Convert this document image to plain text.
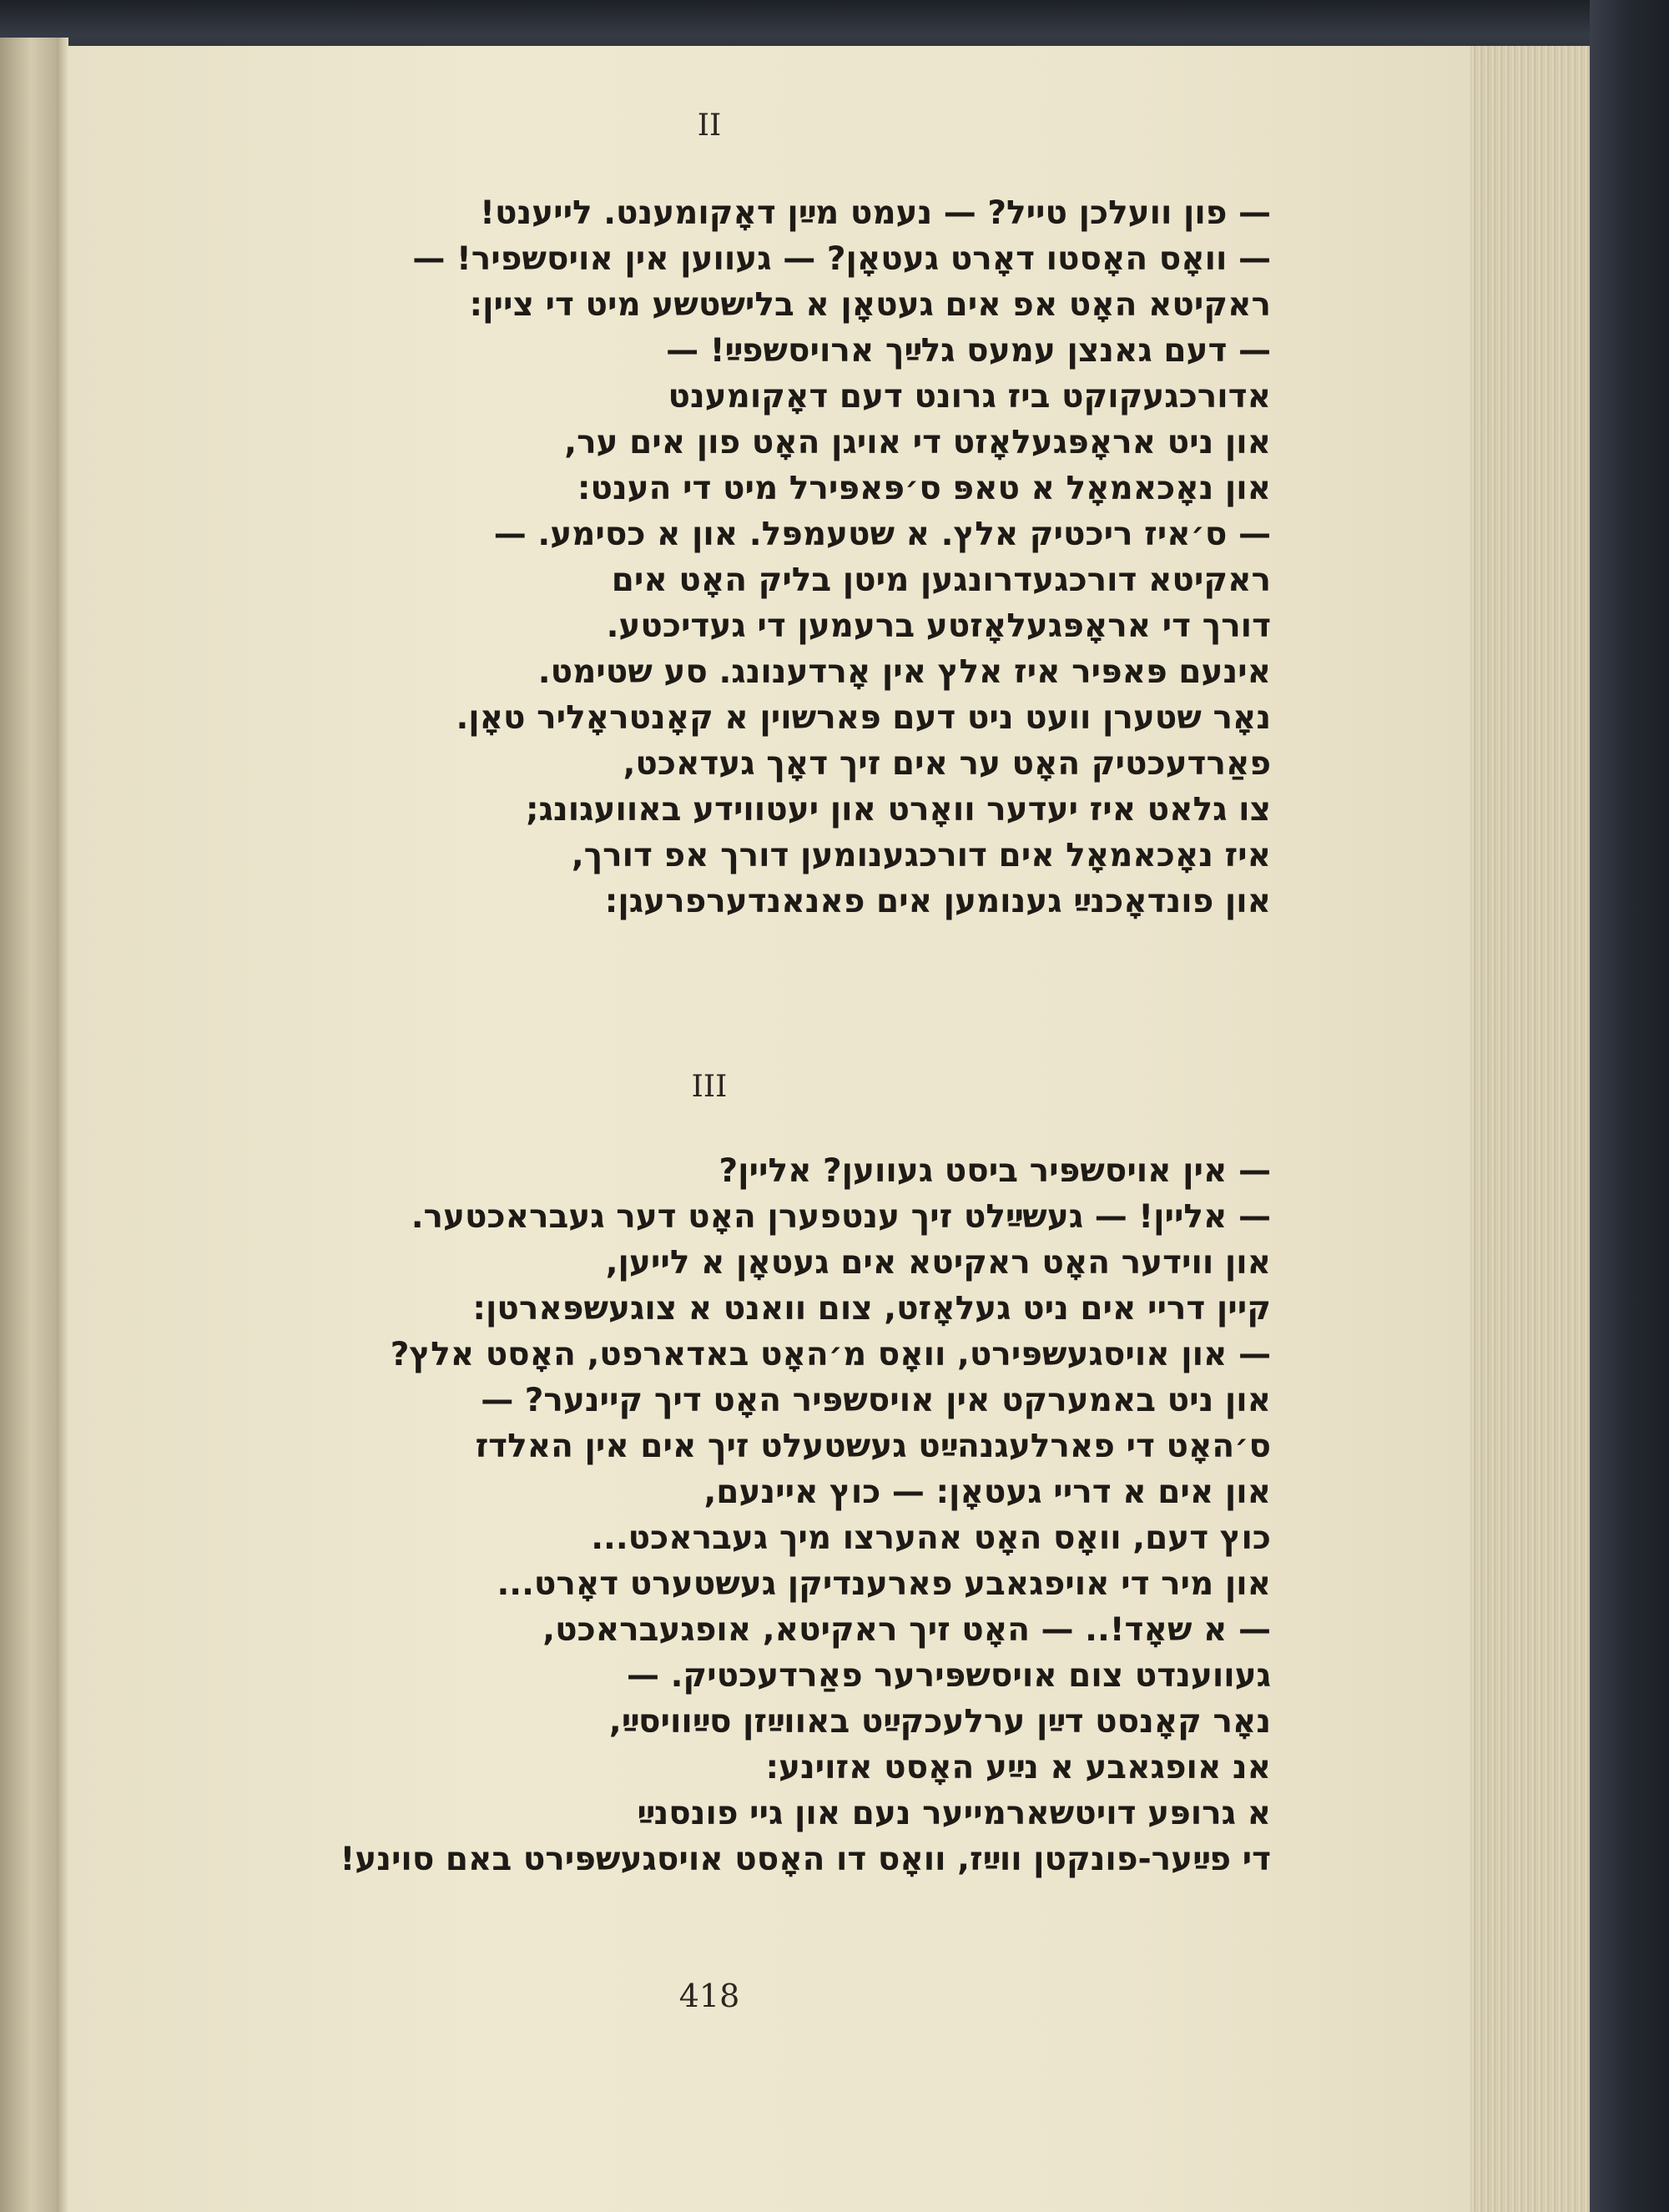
II
— פון וועלכן טייל? — נעמט מײַן דאָקומענט. לייענט!
— וואָס האָסטו דאָרט געטאָן? — געווען אין אויסשפיר! —
ראקיטא האָט אפ אים געטאָן א בלישטשע מיט די ציין:
— דעם גאנצן עמעס גלײַך ארויסשפײַ! —
אדורכגעקוקט ביז גרונט דעם דאָקומענט
און ניט אראָפּגעלאָזט די אויגן האָט פון אים ער,
און נאָכאמאָל א טאפּ ס׳פּאפּירל מיט די הענט:
— ס׳איז ריכטיק אלץ. א שטעמפּל. און א כסימע. —
ראקיטא דורכגעדרונגען מיטן בליק האָט אים
דורך די אראָפּגעלאָזטע ברעמען די געדיכטע.
אינעם פּאפּיר איז אלץ אין אָרדענונג. סע שטימט.
נאָר שטערן וועט ניט דעם פּארשוין א קאָנטראָליר טאָן.
פאַרדעכטיק האָט ער אים זיך דאָך געדאכט,
צו גלאט איז יעדער וואָרט און יעטווידע באוועגונג;
איז נאָכאמאָל אים דורכגענומען דורך אפ דורך,
און פונדאָכנײַ גענומען אים פאנאנדערפרעגן:
III
— אין אויסשפּיר ביסט געווען? אליין?
— אליין! — געשײַלט זיך ענטפערן האָט דער געבראכטער.
און ווידער האָט ראקיטא אים געטאָן א לייען,
קיין דריי אים ניט געלאָזט, צום וואנט א צוגעשפּארטן:
— און אויסגעשפּירט, וואָס מ׳האָט באדארפט, האָסט אלץ?
און ניט באמערקט אין אויסשפּיר האָט דיך קיינער? —
ס׳האָט די פארלעגנהײַט געשטעלט זיך אים אין האלדז
און אים א דריי געטאָן: — כוץ איינעם,
כוץ דעם, וואָס האָט אהערצו מיך געבראכט...
און מיר די אויפגאבע פארענדיקן געשטערט דאָרט...
— א שאָד!.. — האָט זיך ראקיטא, אופגעבראכט,
געווענדט צום אויסשפּירער פאַרדעכטיק. —
נאָר קאָנסט דײַן ערלעכקײַט באווײַזן סײַוויסײַ,
אנ אופגאבע א נײַע האָסט אזוינע:
א גרופּע דויטשארמייער נעם און גיי פונסנײַ
די פײַער-פונקטן ווײַז, וואָס דו האָסט אויסגעשפּירט באם סוינע!
418
